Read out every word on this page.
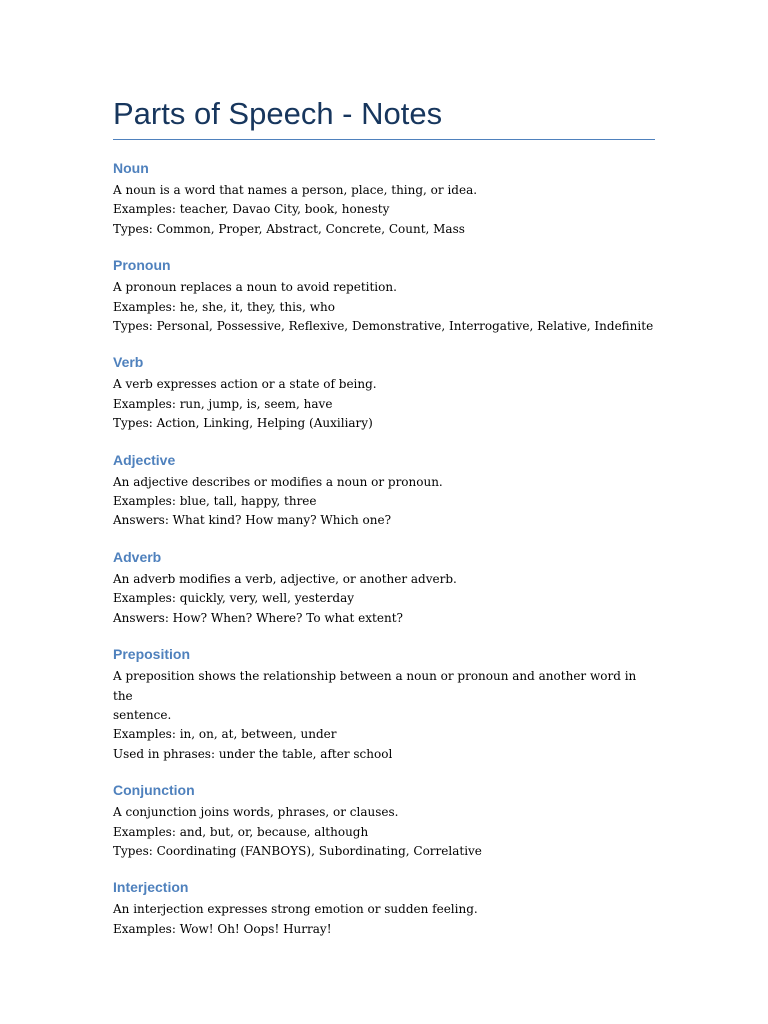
Parts of Speech - Notes
Noun

A noun is a word that names a person, place, thing, or idea.

Examples: teacher, Davao City, book, honesty

Types: Common, Proper, Abstract, Concrete, Count, Mass

Pronoun

A pronoun replaces a noun to avoid repetition.

Examples: he, she, it, they, this, who

Types: Personal, Possessive, Reflexive, Demonstrative, Interrogative, Relative, Indefinite

Verb

A verb expresses action or a state of being.

Examples: run, jump, is, seem, have

Types: Action, Linking, Helping (Auxiliary)

Adjective

An adjective describes or modifies a noun or pronoun.

Examples: blue, tall, happy, three

Answers: What kind? How many? Which one?

Adverb

An adverb modifies a verb, adjective, or another adverb.

Examples: quickly, very, well, yesterday

Answers: How? When? Where? To what extent?

Preposition

A preposition shows the relationship between a noun or pronoun and another word in the

sentence.

Examples: in, on, at, between, under

Used in phrases: under the table, after school

Conjunction

A conjunction joins words, phrases, or clauses.

Examples: and, but, or, because, although

Types: Coordinating (FANBOYS), Subordinating, Correlative

Interjection

An interjection expresses strong emotion or sudden feeling.

Examples: Wow! Oh! Oops! Hurray!
